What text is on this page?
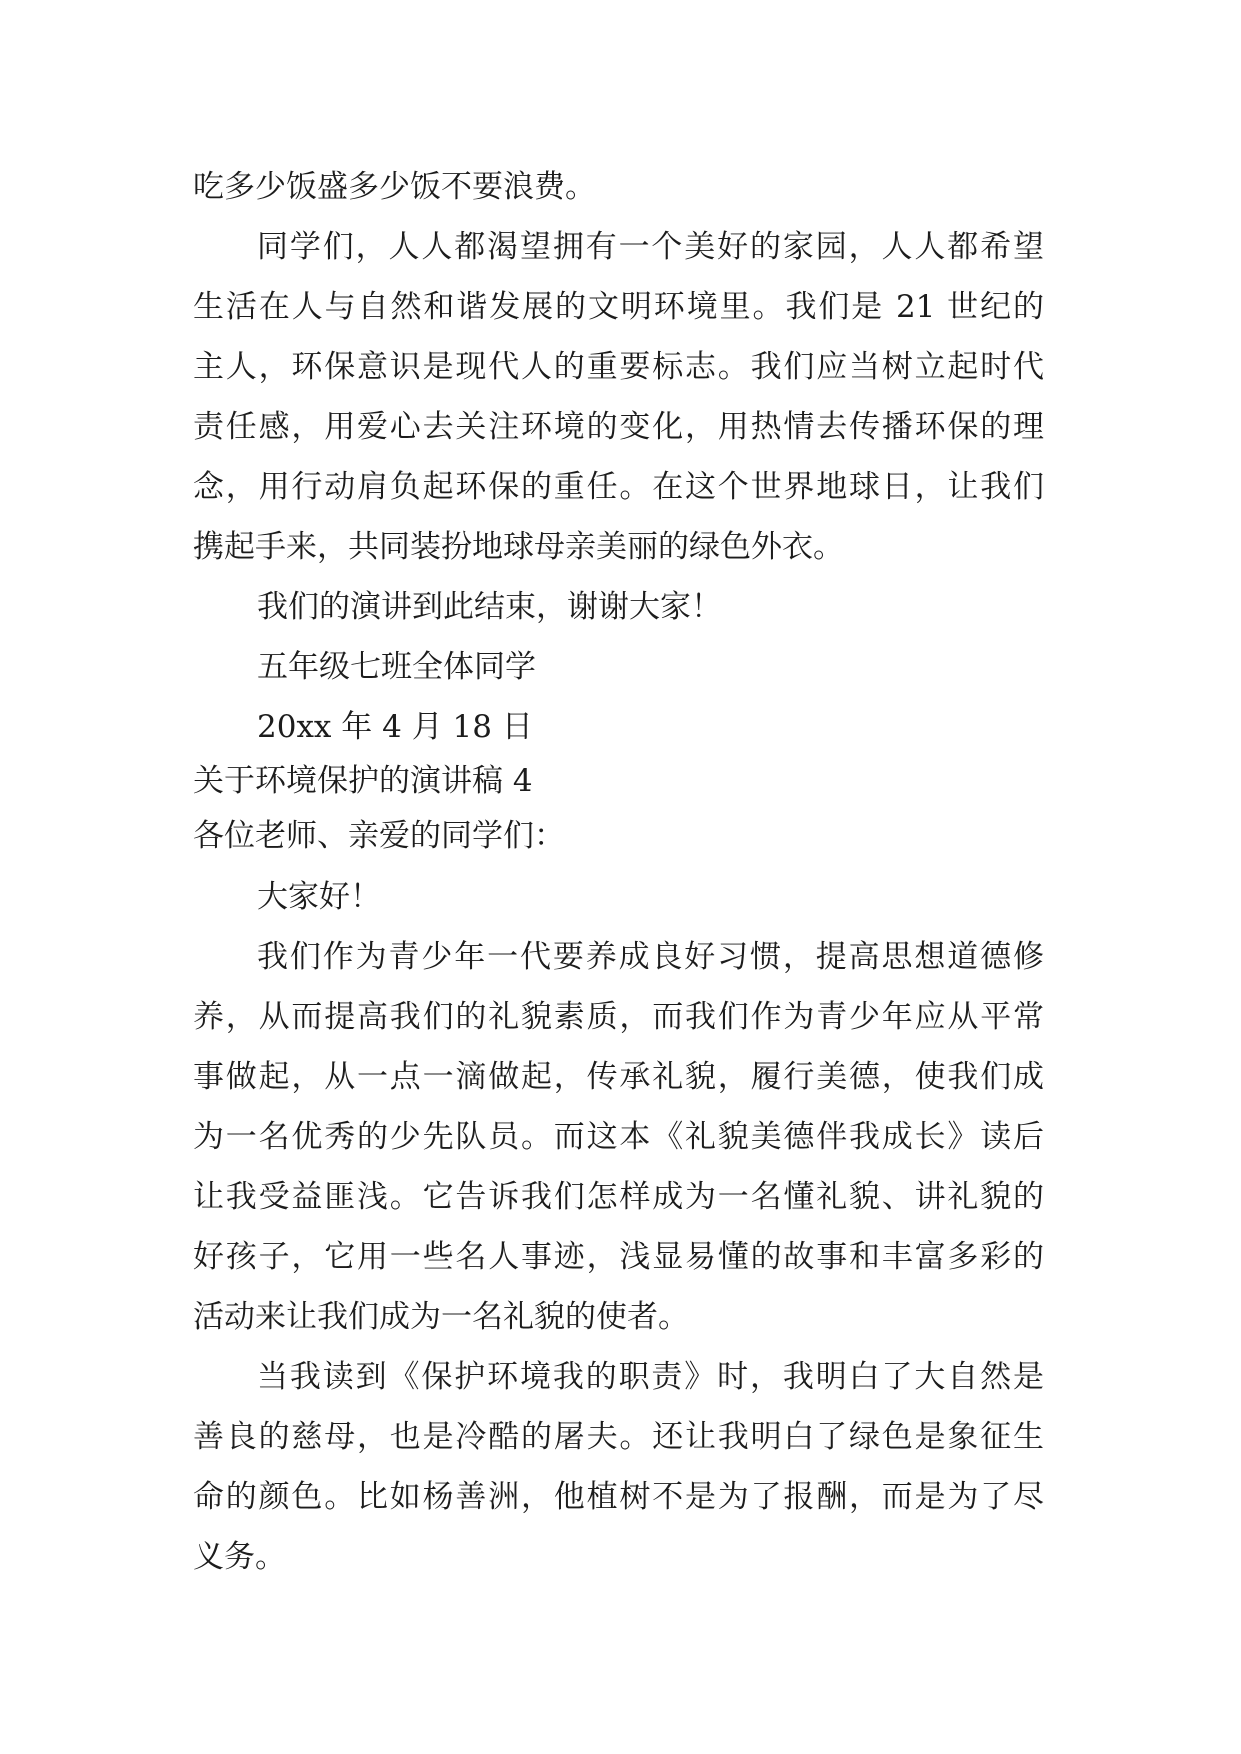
吃多少饭盛多少饭不要浪费。

同学们，人人都渴望拥有一个美好的家园，人人都希望

生活在人与自然和谐发展的文明环境里。我们是 21 世纪的

主人，环保意识是现代人的重要标志。我们应当树立起时代

责任感，用爱心去关注环境的变化，用热情去传播环保的理

念，用行动肩负起环保的重任。在这个世界地球日，让我们

携起手来，共同装扮地球母亲美丽的绿色外衣。

我们的演讲到此结束，谢谢大家！

五年级七班全体同学

20xx 年 4 月 18 日

关于环境保护的演讲稿 4

各位老师、亲爱的同学们：

大家好！

我们作为青少年一代要养成良好习惯，提高思想道德修

养，从而提高我们的礼貌素质，而我们作为青少年应从平常

事做起，从一点一滴做起，传承礼貌，履行美德，使我们成

为一名优秀的少先队员。而这本《礼貌美德伴我成长》读后

让我受益匪浅。它告诉我们怎样成为一名懂礼貌、讲礼貌的

好孩子，它用一些名人事迹，浅显易懂的故事和丰富多彩的

活动来让我们成为一名礼貌的使者。

当我读到《保护环境我的职责》时，我明白了大自然是

善良的慈母，也是冷酷的屠夫。还让我明白了绿色是象征生

命的颜色。比如杨善洲，他植树不是为了报酬，而是为了尽

义务。
